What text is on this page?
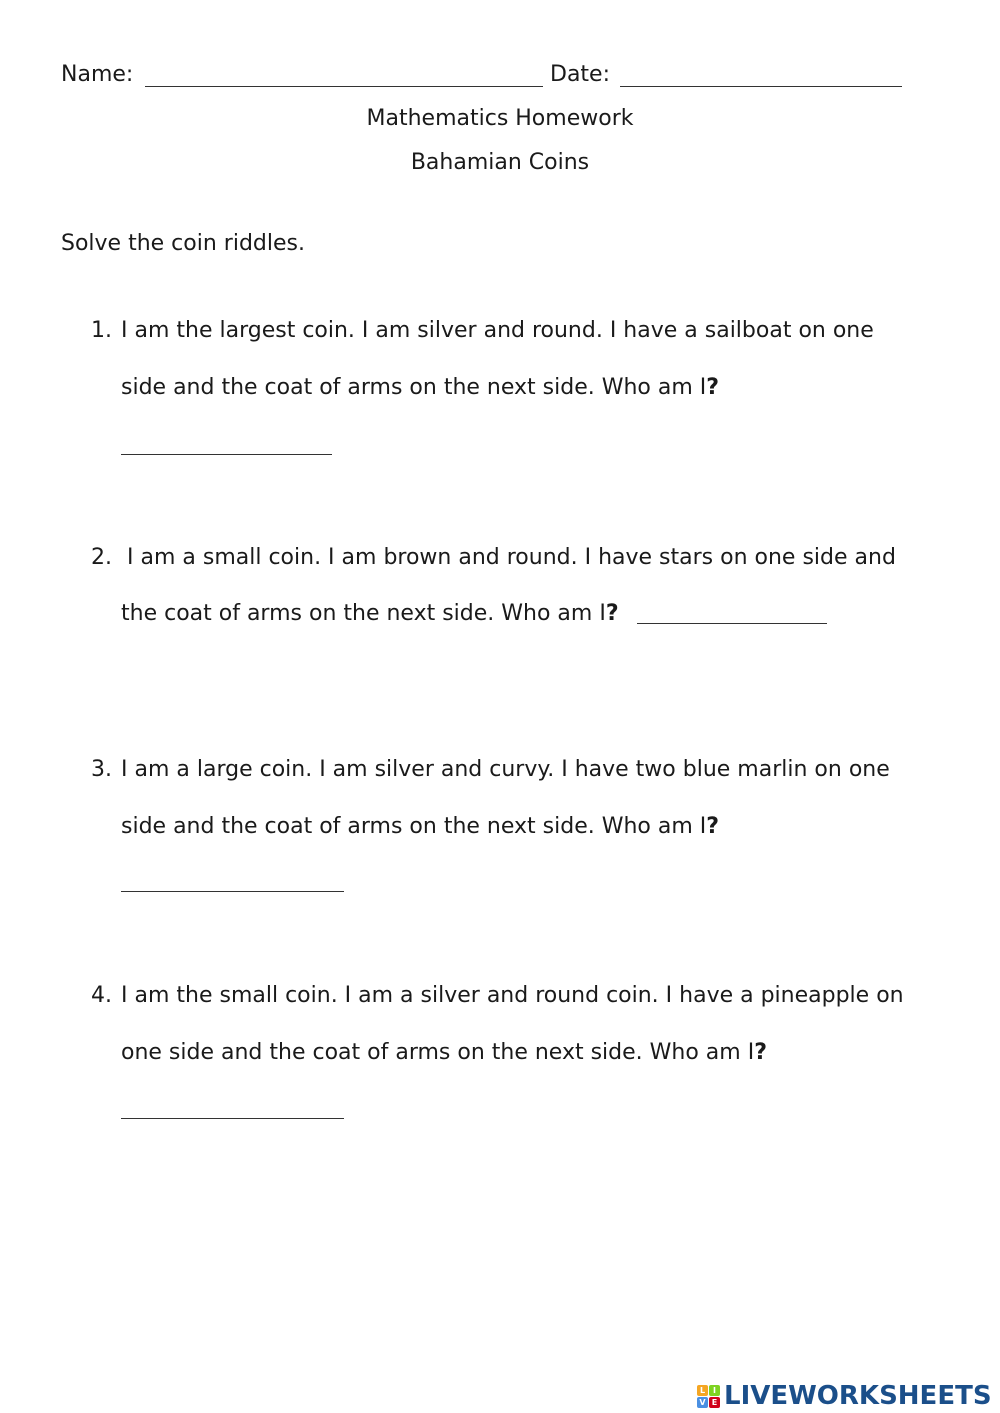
Name:	Date:
Mathematics Homework
Bahamian Coins
Solve the coin riddles.
1. I am the largest coin. I am silver and round. I have a sailboat on one
side and the coat of arms on the next side. Who am I?
2. I am a small coin. I am brown and round. I have stars on one side and
the coat of arms on the next side. Who am I?
3. I am a large coin. I am silver and curvy. I have two blue marlin on one
side and the coat of arms on the next side. Who am I?
4. I am the small coin. I am a silver and round coin. I have a pineapple on
one side and the coat of arms on the next side. Who am I?
L I
V E LIVEWORKSHEETS
